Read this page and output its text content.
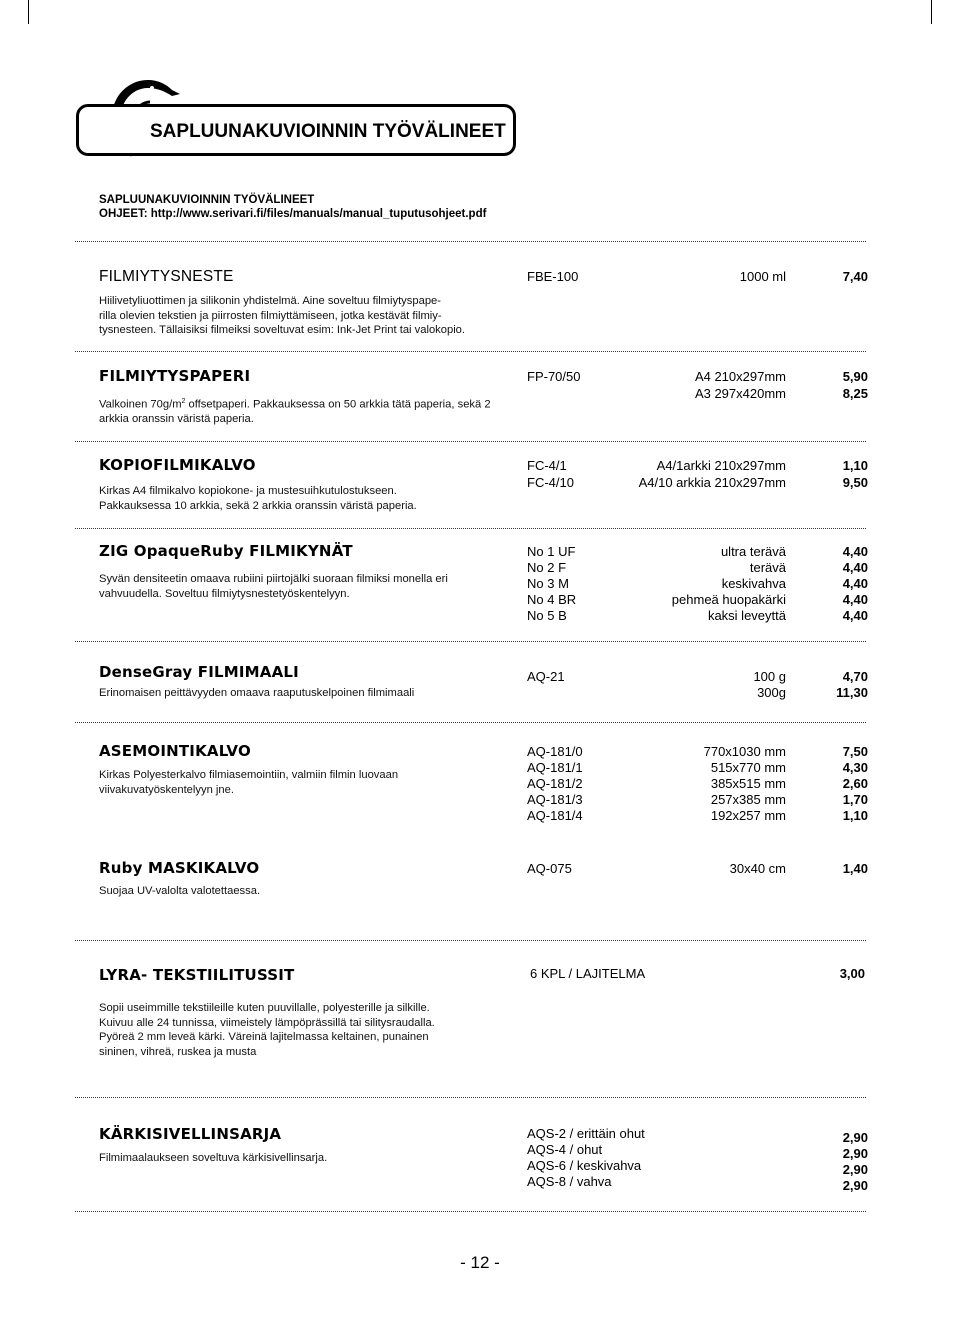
SAPLUUNAKUVIOINNIN TYÖVÄLINEET
SAPLUUNAKUVIOINNIN TYÖVÄLINEET
OHJEET: http://www.serivari.fi/files/manuals/manual_tuputusohjeet.pdf
FILMIYTYSNESTE
Hiilivetyliuottimen ja silikonin yhdistelmä. Aine soveltuu filmiytyspape-
rilla olevien tekstien ja piirrosten filmiyttämiseen, jotka kestävät filmiy-
tysnesteen. Tällaisiksi filmeiksi soveltuvat esim: Ink-Jet Print tai valokopio.
FBE-100	1000 ml	7,40
FILMIYTYSPAPERI
Valkoinen $70g/m^2$ offsetpaperi. Pakkauksessa on 50 arkkia tätä paperia, sekä 2
arkkia oranssin väristä paperia.
FP-70/50	A4 210x297mm	5,90
A3 297x420mm	8,25
KOPIOFILMIKALVO
Kirkas A4 filmikalvo kopiokone- ja mustesuihkutulostukseen.
Pakkauksessa 10 arkkia, sekä 2 arkkia oranssin väristä paperia.
FC-4/1	A4/1arkki 210x297mm	1,10
FC-4/10	A4/10 arkkia 210x297mm	9,50
ZIG OpaqueRuby FILMIKYNÄT
Syvän densiteetin omaava rubiini piirtojälki suoraan filmiksi monella eri
vahvuudella. Soveltuu filmiytysnestetyöskentelyyn.
No 1 UF	ultra terävä	4,40
No 2 F	terävä	4,40
No 3 M	keskivahva	4,40
No 4 BR	pehmeä huopakärki	4,40
No 5 B	kaksi leveyttä	4,40
DenseGray FILMIMAALI
Erinomaisen peittävyyden omaava raaputuskelpoinen filmimaali
AQ-21	100 g	4,70
300g	11,30
ASEMOINTIKALVO
Kirkas Polyesterkalvo filmiasemointiin, valmiin filmin luovaan
viivakuvatyöskentelyyn jne.
AQ-181/0	770x1030 mm	7,50
AQ-181/1	515x770 mm	4,30
AQ-181/2	385x515 mm	2,60
AQ-181/3	257x385 mm	1,70
AQ-181/4	192x257 mm	1,10
Ruby MASKIKALVO
Suojaa UV-valolta valotettaessa.
AQ-075	30x40 cm	1,40
LYRA- TEKSTIILITUSSIT
Sopii useimmille tekstiileille kuten puuvillalle, polyesterille ja silkille.
Kuivuu alle 24 tunnissa, viimeistely lämpöprässillä tai silitysraudalla.
Pyöreä 2 mm leveä kärki. Väreinä lajitelmassa keltainen, punainen
sininen, vihreä, ruskea ja musta
6 KPL / LAJITELMA	3,00
KÄRKISIVELLINSARJA
Filmimaalaukseen soveltuva kärkisivellinsarja.
AQS-2 / erittäin ohut	2,90
AQS-4 / ohut	2,90
AQS-6 / keskivahva	2,90
AQS-8 / vahva	2,90
- 12 -
